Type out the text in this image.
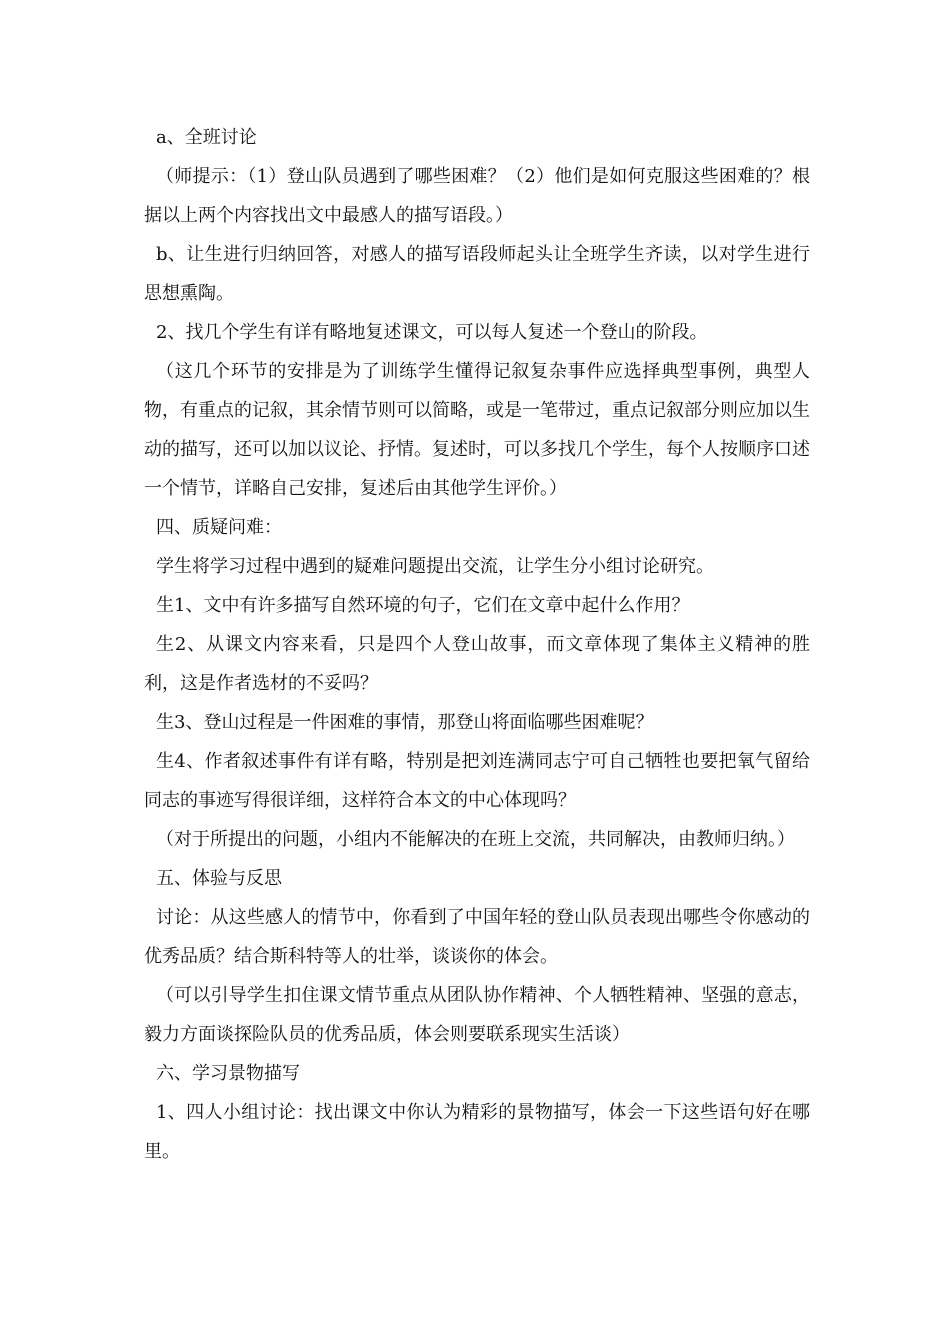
a、全班讨论

（师提示：（1）登山队员遇到了哪些困难？（2）他们是如何克服这些困难的？根据以上两个内容找出文中最感人的描写语段。）

b、让生进行归纳回答，对感人的描写语段师起头让全班学生齐读，以对学生进行思想熏陶。

2、找几个学生有详有略地复述课文，可以每人复述一个登山的阶段。

（这几个环节的安排是为了训练学生懂得记叙复杂事件应选择典型事例，典型人物，有重点的记叙，其余情节则可以简略，或是一笔带过，重点记叙部分则应加以生动的描写，还可以加以议论、抒情。复述时，可以多找几个学生，每个人按顺序口述一个情节，详略自己安排，复述后由其他学生评价。）

四、质疑问难：

学生将学习过程中遇到的疑难问题提出交流，让学生分小组讨论研究。

生1、文中有许多描写自然环境的句子，它们在文章中起什么作用？

生2、从课文内容来看，只是四个人登山故事，而文章体现了集体主义精神的胜利，这是作者选材的不妥吗？

生3、登山过程是一件困难的事情，那登山将面临哪些困难呢？

生4、作者叙述事件有详有略，特别是把刘连满同志宁可自己牺牲也要把氧气留给同志的事迹写得很详细，这样符合本文的中心体现吗？

（对于所提出的问题，小组内不能解决的在班上交流，共同解决，由教师归纳。）

五、体验与反思

讨论：从这些感人的情节中，你看到了中国年轻的登山队员表现出哪些令你感动的优秀品质？结合斯科特等人的壮举，谈谈你的体会。

（可以引导学生扣住课文情节重点从团队协作精神、个人牺牲精神、坚强的意志，毅力方面谈探险队员的优秀品质，体会则要联系现实生活谈）

六、学习景物描写

1、四人小组讨论：找出课文中你认为精彩的景物描写，体会一下这些语句好在哪里。
